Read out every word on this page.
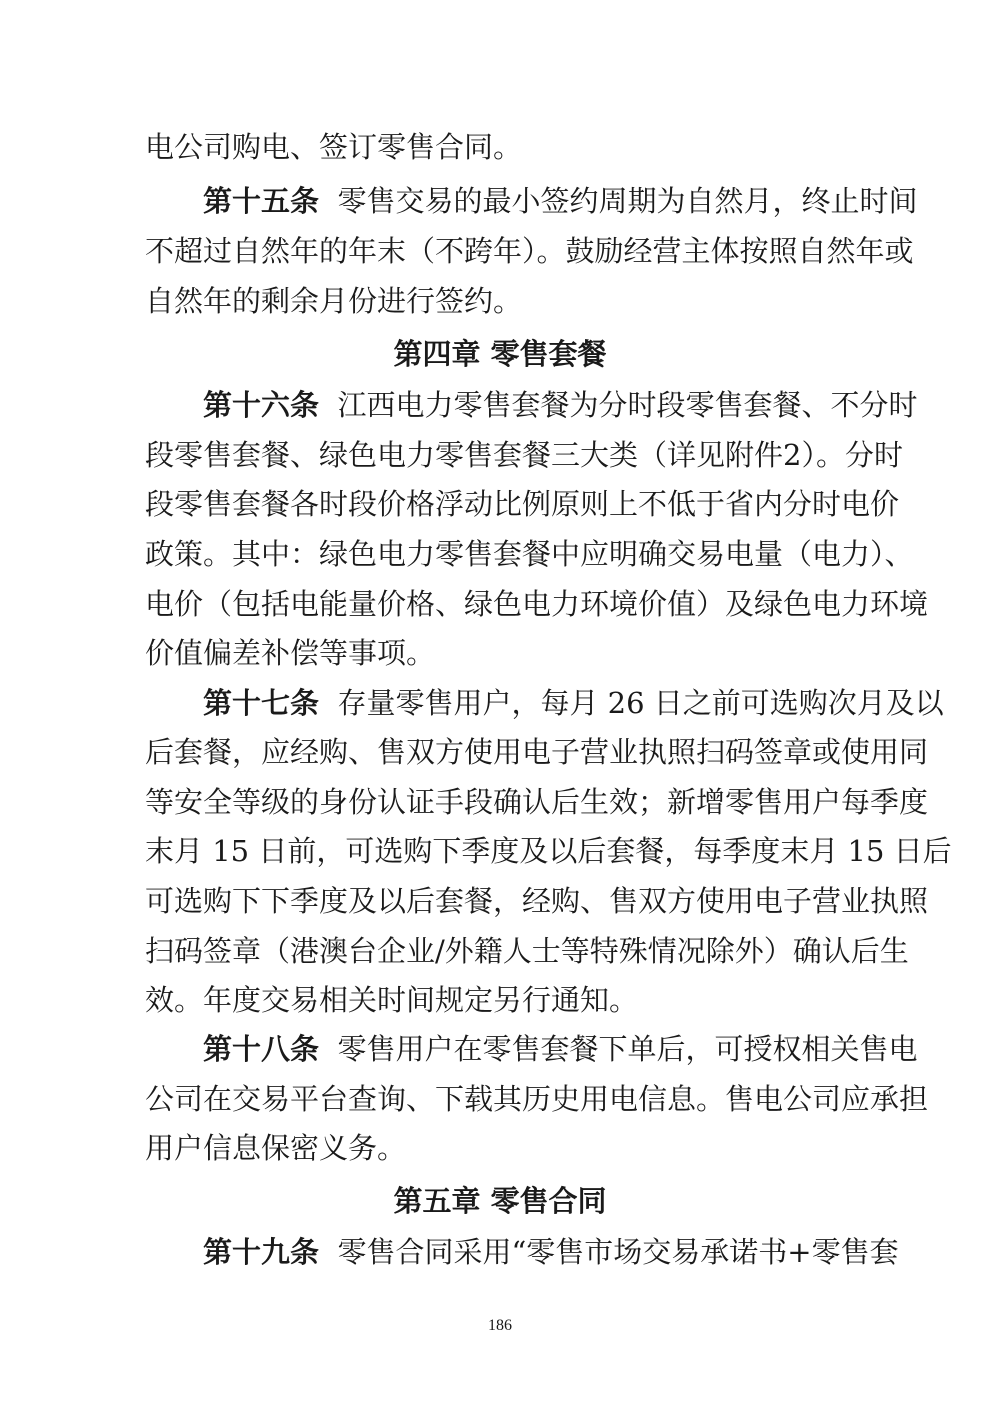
电公司购电、签订零售合同。
第十五条 零售交易的最小签约周期为自然月，终止时间
不超过自然年的年末（不跨年）。鼓励经营主体按照自然年或
自然年的剩余月份进行签约。
第四章 零售套餐
第十六条 江西电力零售套餐为分时段零售套餐、不分时
段零售套餐、绿色电力零售套餐三大类（详见附件2）。分时
段零售套餐各时段价格浮动比例原则上不低于省内分时电价
政策。其中：绿色电力零售套餐中应明确交易电量（电力）、
电价（包括电能量价格、绿色电力环境价值）及绿色电力环境
价值偏差补偿等事项。
第十七条 存量零售用户，每月 26 日之前可选购次月及以
后套餐，应经购、售双方使用电子营业执照扫码签章或使用同
等安全等级的身份认证手段确认后生效；新增零售用户每季度
末月 15 日前，可选购下季度及以后套餐，每季度末月 15 日后
可选购下下季度及以后套餐，经购、售双方使用电子营业执照
扫码签章（港澳台企业/外籍人士等特殊情况除外）确认后生
效。年度交易相关时间规定另行通知。
第十八条 零售用户在零售套餐下单后，可授权相关售电
公司在交易平台查询、下载其历史用电信息。售电公司应承担
用户信息保密义务。
第五章 零售合同
第十九条 零售合同采用“零售市场交易承诺书+零售套
186
